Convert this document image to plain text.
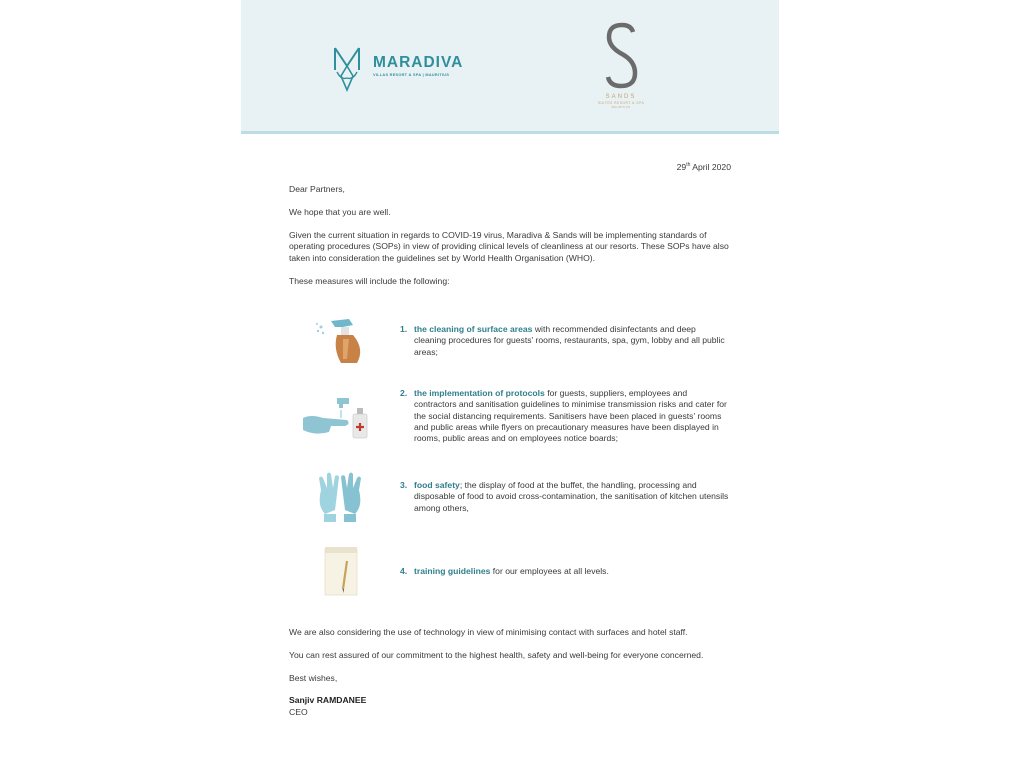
MARADIVA
VILLAS RESORT & SPA | MAURITIUS
SANDS
SUITES RESORT & SPA
MAURITIUS
29th April 2020
Dear Partners,
We hope that you are well.
Given the current situation in regards to COVID-19 virus, Maradiva & Sands will be implementing standards of operating procedures (SOPs) in view of providing clinical levels of cleanliness at our resorts. These SOPs have also taken into consideration the guidelines set by World Health Organisation (WHO).
These measures will include the following:
1. the cleaning of surface areas with recommended disinfectants and deep cleaning procedures for guests' rooms, restaurants, spa, gym, lobby and all public areas;
2. the implementation of protocols for guests, suppliers, employees and contractors and sanitisation guidelines to minimise transmission risks and cater for the social distancing requirements. Sanitisers have been placed in guests' rooms and public areas while flyers on precautionary measures have been displayed in rooms, public areas and on employees notice boards;
3. food safety; the display of food at the buffet, the handling, processing and disposable of food to avoid cross-contamination, the sanitisation of kitchen utensils among others,
4. training guidelines for our employees at all levels.
We are also considering the use of technology in view of minimising contact with surfaces and hotel staff.
You can rest assured of our commitment to the highest health, safety and well-being for everyone concerned.
Best wishes,
Sanjiv RAMDANEE
CEO
